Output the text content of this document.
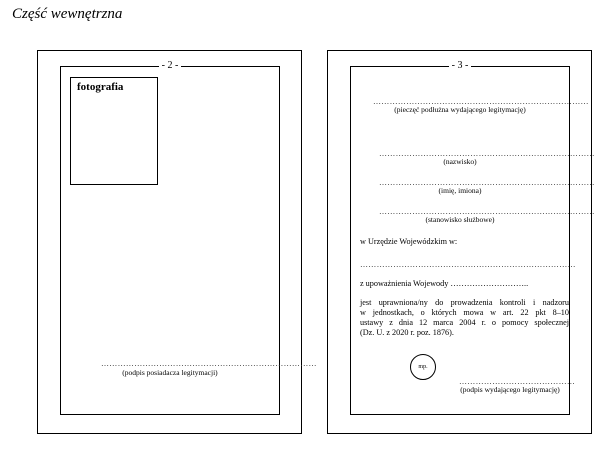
Część wewnętrzna
- 2 -
fotografia
……………………………………………………………………
(podpis posiadacza legitymacji)
- 3 -
……………………………………………………………………
(pieczęć podłużna wydającego legitymację)
……………………………………………………………………
(nazwisko)
……………………………………………………………………
(imię, imiona)
……………………………………………………………………
(stanowisko służbowe)
w Urzędzie Wojewódzkim w:
……………………………………………………………………
z upoważnienia Wojewody ………………………..
jest uprawniona/ny do prowadzenia kontroli i nadzoru
w jednostkach, o których mowa w art. 22 pkt 8–10
ustawy z dnia 12 marca 2004 r. o pomocy społecznej
(Dz. U. z 2020 r. poz. 1876).
mp.
……………………………………
(podpis wydającego legitymację)
